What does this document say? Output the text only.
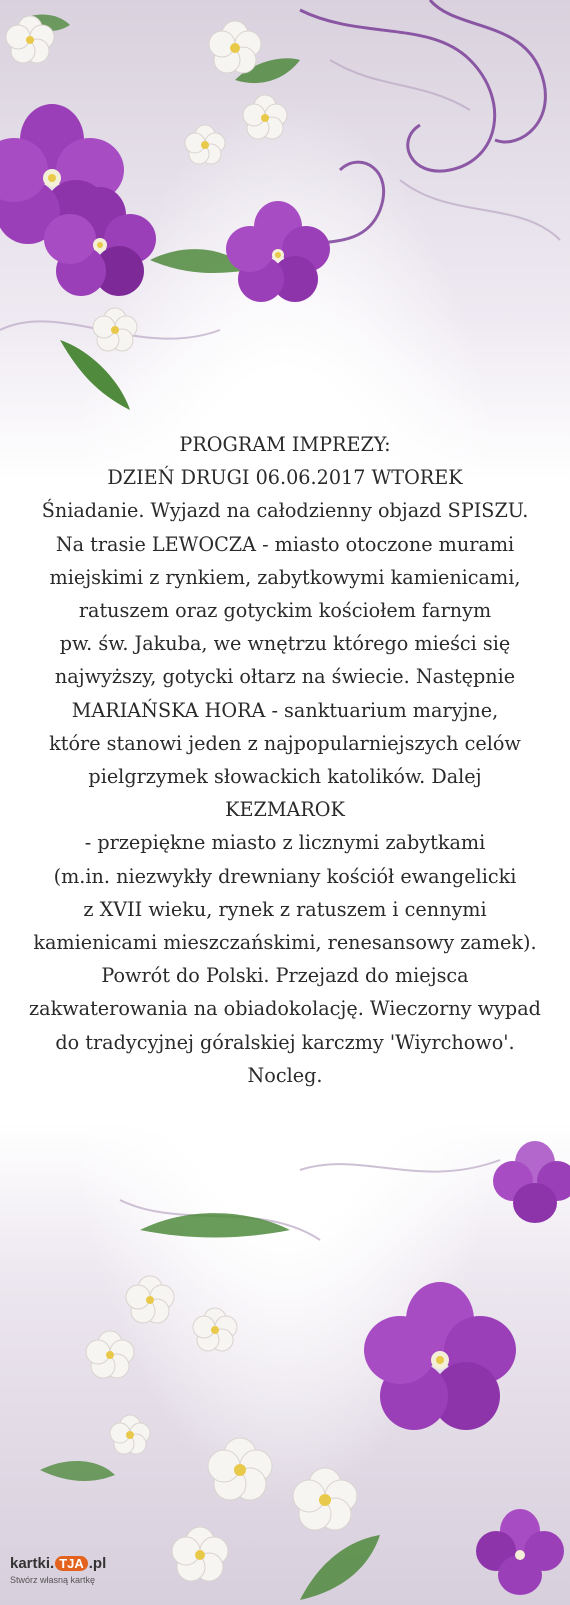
PROGRAM IMPREZY:
DZIEŃ DRUGI 06.06.2017 WTOREK
Śniadanie. Wyjazd na całodzienny objazd SPISZU.
Na trasie LEWOCZA - miasto otoczone murami
miejskimi z rynkiem, zabytkowymi kamienicami,
ratuszem oraz gotyckim kościołem farnym
pw. św. Jakuba, we wnętrzu którego mieści się
najwyższy, gotycki ołtarz na świecie. Następnie
MARIAŃSKA HORA - sanktuarium maryjne,
które stanowi jeden z najpopularniejszych celów
pielgrzymek słowackich katolików. Dalej
KEZMAROK
- przepiękne miasto z licznymi zabytkami
(m.in. niezwykły drewniany kościół ewangelicki
z XVII wieku, rynek z ratuszem i cennymi
kamienicami mieszczańskimi, renesansowy zamek).
Powrót do Polski. Przejazd do miejsca
zakwaterowania na obiadokolację. Wieczorny wypad
do tradycyjnej góralskiej karczmy 'Wiyrchowo'.
Nocleg.
kartki. TJA .pl
Stwórz własną kartkę
